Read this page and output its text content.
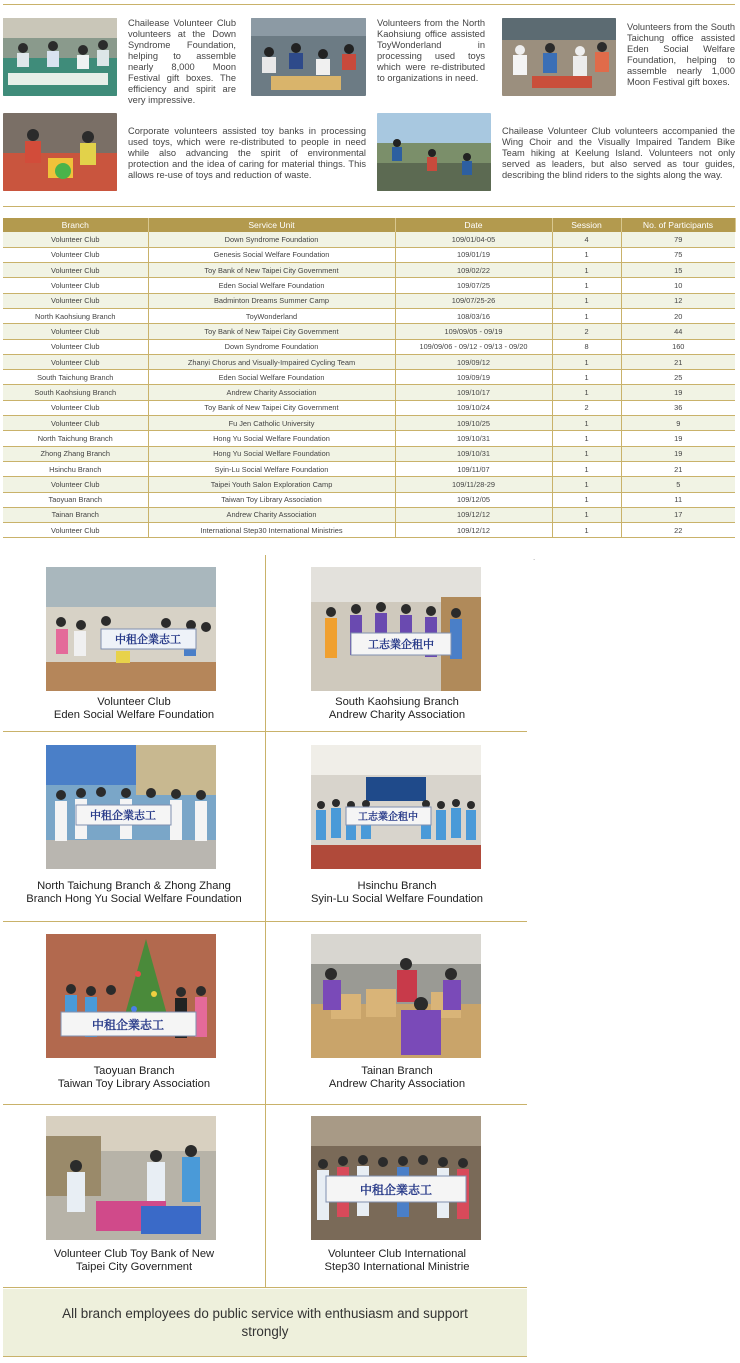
Chailease Volunteer Club volunteers at the Down Syndrome Foundation, helping to assemble nearly 8,000 Moon Festival gift boxes. The efficiency and spirit are very impressive.
Volunteers from the North Kaohsiung office assisted ToyWonderland in processing used toys which were re-distributed to organizations in need.
Volunteers from the South Taichung office assisted Eden Social Welfare Foundation, helping to assemble nearly 1,000 Moon Festival gift boxes.
Corporate volunteers assisted toy banks in processing used toys, which were re-distributed to people in need while also advancing the spirit of environmental protection and the idea of caring for material things. This allows re-use of toys and reduction of waste.
Chailease Volunteer Club volunteers accompanied the Wing Choir and the Visually Impaired Tandem Bike Team hiking at Keelung Island. Volunteers not only served as leaders, but also served as tour guides, describing the blind riders to the sights along the way.
Branch	Service Unit	Date	Session	No. of Participants
Volunteer Club	Down Syndrome Foundation	109/01/04-05	4	79
Volunteer Club	Genesis Social Welfare Foundation	109/01/19	1	75
Volunteer Club	Toy Bank of New Taipei City Government	109/02/22	1	15
Volunteer Club	Eden Social Welfare Foundation	109/07/25	1	10
Volunteer Club	Badminton Dreams Summer Camp	109/07/25-26	1	12
North Kaohsiung Branch	ToyWonderland	108/03/16	1	20
Volunteer Club	Toy Bank of New Taipei City Government	109/09/05 - 09/19	2	44
Volunteer Club	Down Syndrome Foundation	109/09/06 - 09/12 - 09/13 - 09/20	8	160
Volunteer Club	Zhanyi Chorus and Visually-Impaired Cycling Team	109/09/12	1	21
South Taichung Branch	Eden Social Welfare Foundation	109/09/19	1	25
South Kaohsiung Branch	Andrew Charity Association	109/10/17	1	19
Volunteer Club	Toy Bank of New Taipei City Government	109/10/24	2	36
Volunteer Club	Fu Jen Catholic University	109/10/25	1	9
North Taichung Branch	Hong Yu Social Welfare Foundation	109/10/31	1	19
Zhong Zhang Branch	Hong Yu Social Welfare Foundation	109/10/31	1	19
Hsinchu Branch	Syin-Lu Social Welfare Foundation	109/11/07	1	21
Volunteer Club	Taipei Youth Salon Exploration Camp	109/11/28-29	1	5
Taoyuan Branch	Taiwan Toy Library Association	109/12/05	1	11
Tainan Branch	Andrew Charity Association	109/12/12	1	17
Volunteer Club	International Step30 International Ministries	109/12/12	1	22
中租企業志工
Volunteer Club
Eden Social Welfare Foundation
工志業企租中
South Kaohsiung Branch
Andrew Charity Association
中租企業志工
North Taichung Branch & Zhong Zhang
Branch Hong Yu Social Welfare Foundation
工志業企租中
Hsinchu Branch
Syin-Lu Social Welfare Foundation
中租企業志工
Taoyuan Branch
Taiwan Toy Library Association
Tainan Branch
Andrew Charity Association
Volunteer Club Toy Bank of New
Taipei City Government
中租企業志工
Volunteer Club International
Step30 International Ministrie
.
All branch employees do public service with enthusiasm and support strongly
